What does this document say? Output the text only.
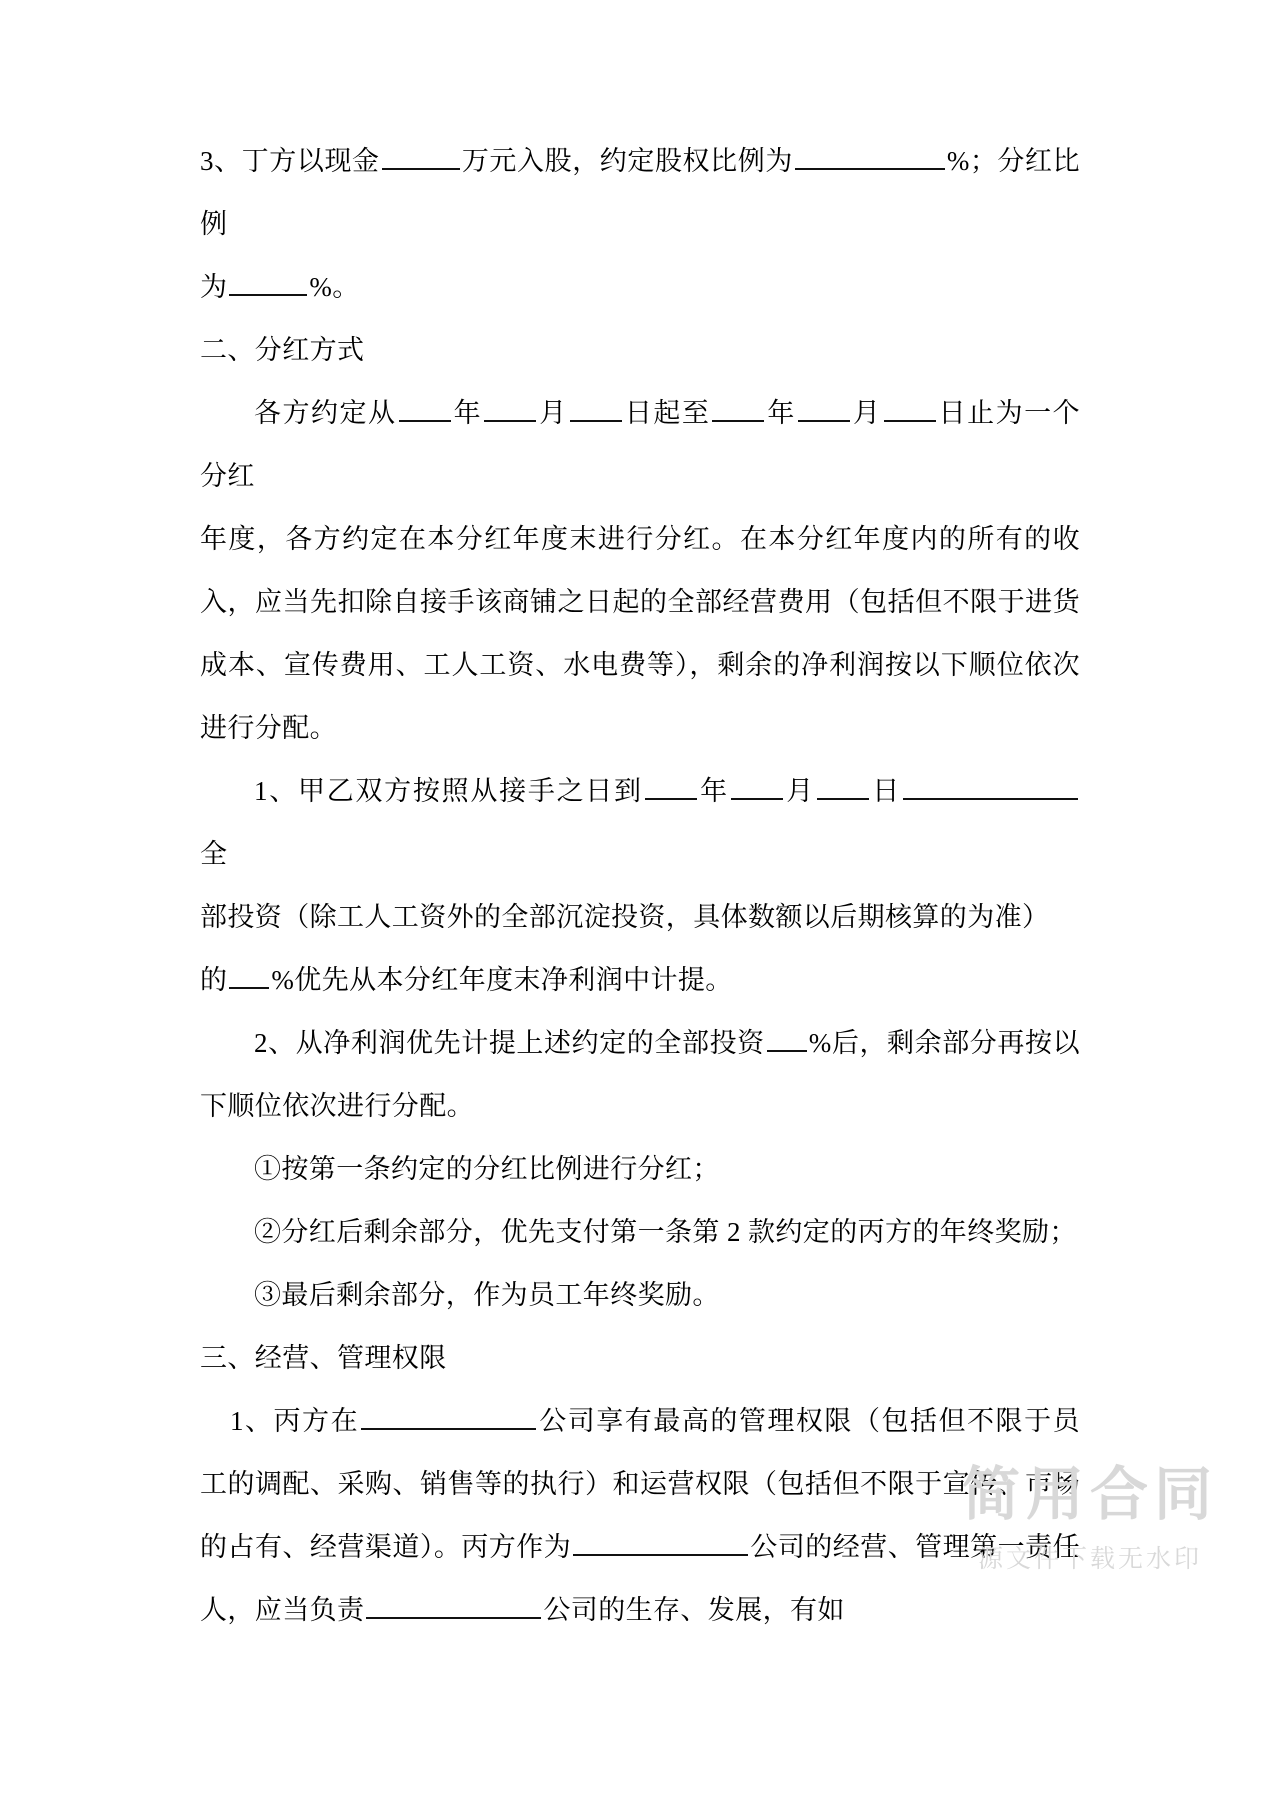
3、丁方以现金	万元入股，约定股权比例为	%；分红比例

为	%。

二、分红方式

各方约定从 年 月 日起至 年 月 日止为一个分红

年度，各方约定在本分红年度末进行分红。在本分红年度内的所有的收入，应当先扣除自接手该商铺之日起的全部经营费用（包括但不限于进货成本、宣传费用、工人工资、水电费等），剩余的净利润按以下顺位依次进行分配。

1、甲乙双方按照从接手之日到 年 月 日全

部投资（除工人工资外的全部沉淀投资，具体数额以后期核算的为准）

的 %优先从本分红年度末净利润中计提。

2、从净利润优先计提上述约定的全部投资 %后，剩余部分再按以下顺位依次进行分配。

①按第一条约定的分红比例进行分红；

②分红后剩余部分，优先支付第一条第 2 款约定的丙方的年终奖励；

③最后剩余部分，作为员工年终奖励。

三、经营、管理权限

1、丙方在	公司享有最高的管理权限（包括但不限于员工的调配、采购、销售等的执行）和运营权限（包括但不限于宣传、市场的占有、经营渠道）。丙方作为	公司的经营、管理第一责任人，应当负责	公司的生存、发展，有如

简用合同
源文件下载无水印
